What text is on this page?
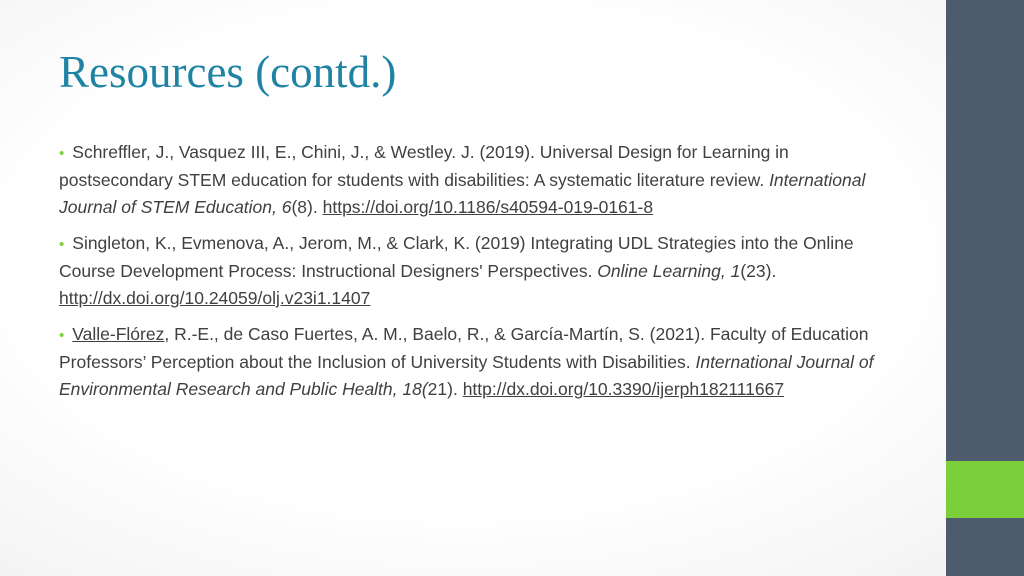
Resources (contd.)

• Schreffler, J., Vasquez III, E., Chini, J., & Westley. J. (2019). Universal Design for Learning in postsecondary STEM education for students with disabilities: A systematic literature review. International Journal of STEM Education, 6(8). https://doi.org/10.1186/s40594-019-0161-8

• Singleton, K., Evmenova, A., Jerom, M., & Clark, K. (2019) Integrating UDL Strategies into the Online Course Development Process: Instructional Designers' Perspectives. Online Learning, 1(23). http://dx.doi.org/10.24059/olj.v23i1.1407

• Valle-Flórez, R.-E., de Caso Fuertes, A. M., Baelo, R., & García-Martín, S. (2021). Faculty of Education Professors’ Perception about the Inclusion of University Students with Disabilities. International Journal of Environmental Research and Public Health, 18(21). http://dx.doi.org/10.3390/ijerph182111667
